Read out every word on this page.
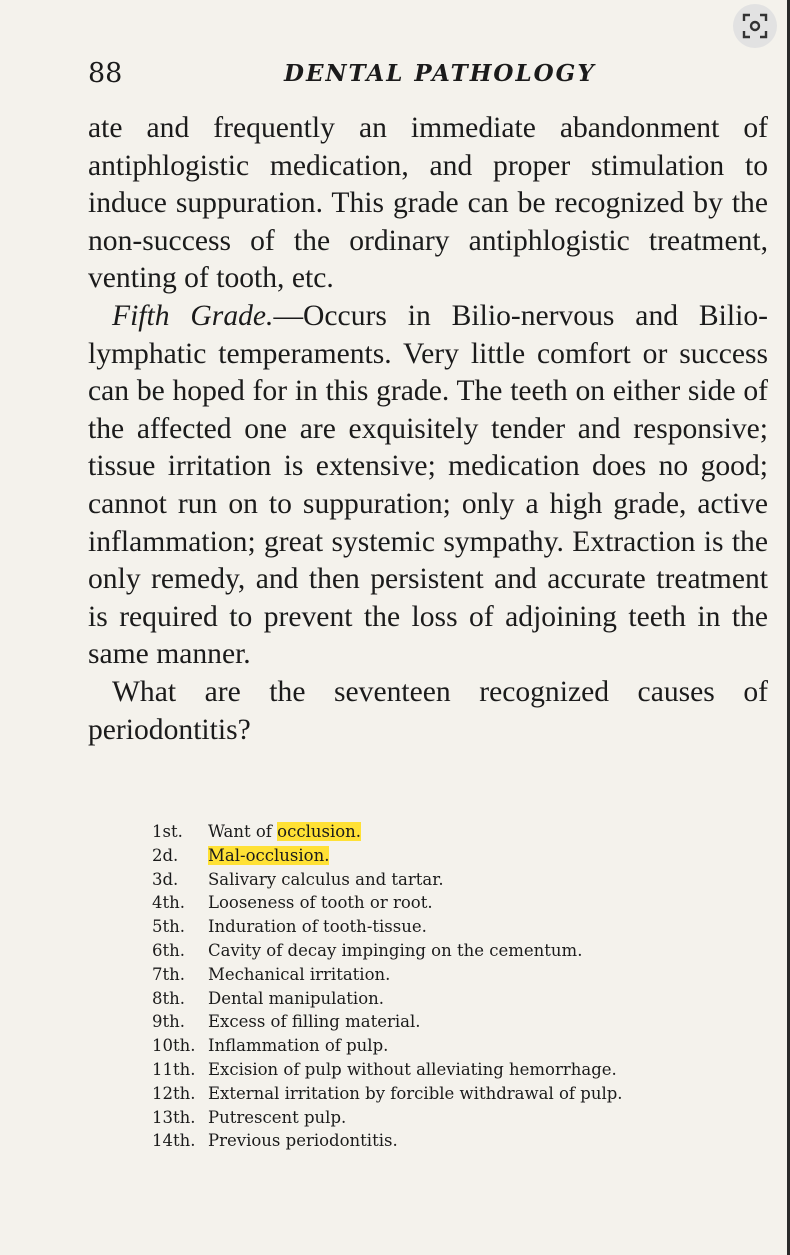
88	DENTAL PATHOLOGY

ate and frequently an immediate abandonment of antiphlogistic medication, and proper stimulation to induce suppuration. This grade can be recognized by the non-success of the ordinary antiphlogistic treatment, venting of tooth, etc.

Fifth Grade.—Occurs in Bilio-nervous and Bilio-lymphatic temperaments. Very little comfort or success can be hoped for in this grade. The teeth on either side of the affected one are exquisitely tender and responsive; tissue irritation is extensive; medication does no good; cannot run on to suppuration; only a high grade, active inflammation; great systemic sympathy. Extraction is the only remedy, and then persistent and accurate treatment is required to prevent the loss of adjoining teeth in the same manner.

What are the seventeen recognized causes of periodontitis?

1st. Want of occlusion.
2d. Mal-occlusion.
3d. Salivary calculus and tartar.
4th. Looseness of tooth or root.
5th. Induration of tooth-tissue.
6th. Cavity of decay impinging on the cementum.
7th. Mechanical irritation.
8th. Dental manipulation.
9th. Excess of filling material.
10th. Inflammation of pulp.
11th. Excision of pulp without alleviating hemorrhage.
12th. External irritation by forcible withdrawal of pulp.
13th. Putrescent pulp.
14th. Previous periodontitis.
